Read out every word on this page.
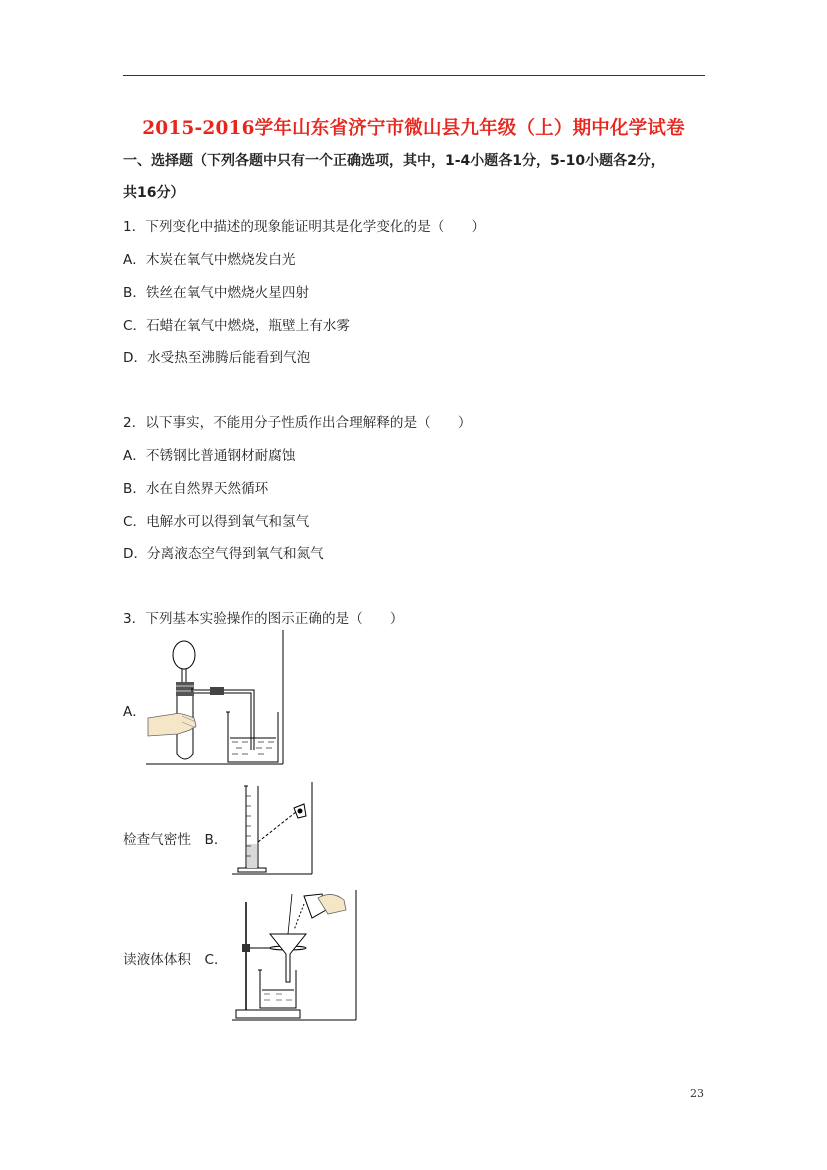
2015-2016学年山东省济宁市微山县九年级（上）期中化学试卷
一、选择题（下列各题中只有一个正确选项，其中，1-4小题各1分，5-10小题各2分，
共16分）
1．下列变化中描述的现象能证明其是化学变化的是（　　）
A．木炭在氧气中燃烧发白光
B．铁丝在氧气中燃烧火星四射
C．石蜡在氧气中燃烧，瓶壁上有水雾
D．水受热至沸腾后能看到气泡
2．以下事实，不能用分子性质作出合理解释的是（　　）
A．不锈钢比普通钢材耐腐蚀
B．水在自然界天然循环
C．电解水可以得到氧气和氢气
D．分离液态空气得到氧气和氮气
3．下列基本实验操作的图示正确的是（　　）
A．
检查气密性　B．
读液体体积　C．
23
